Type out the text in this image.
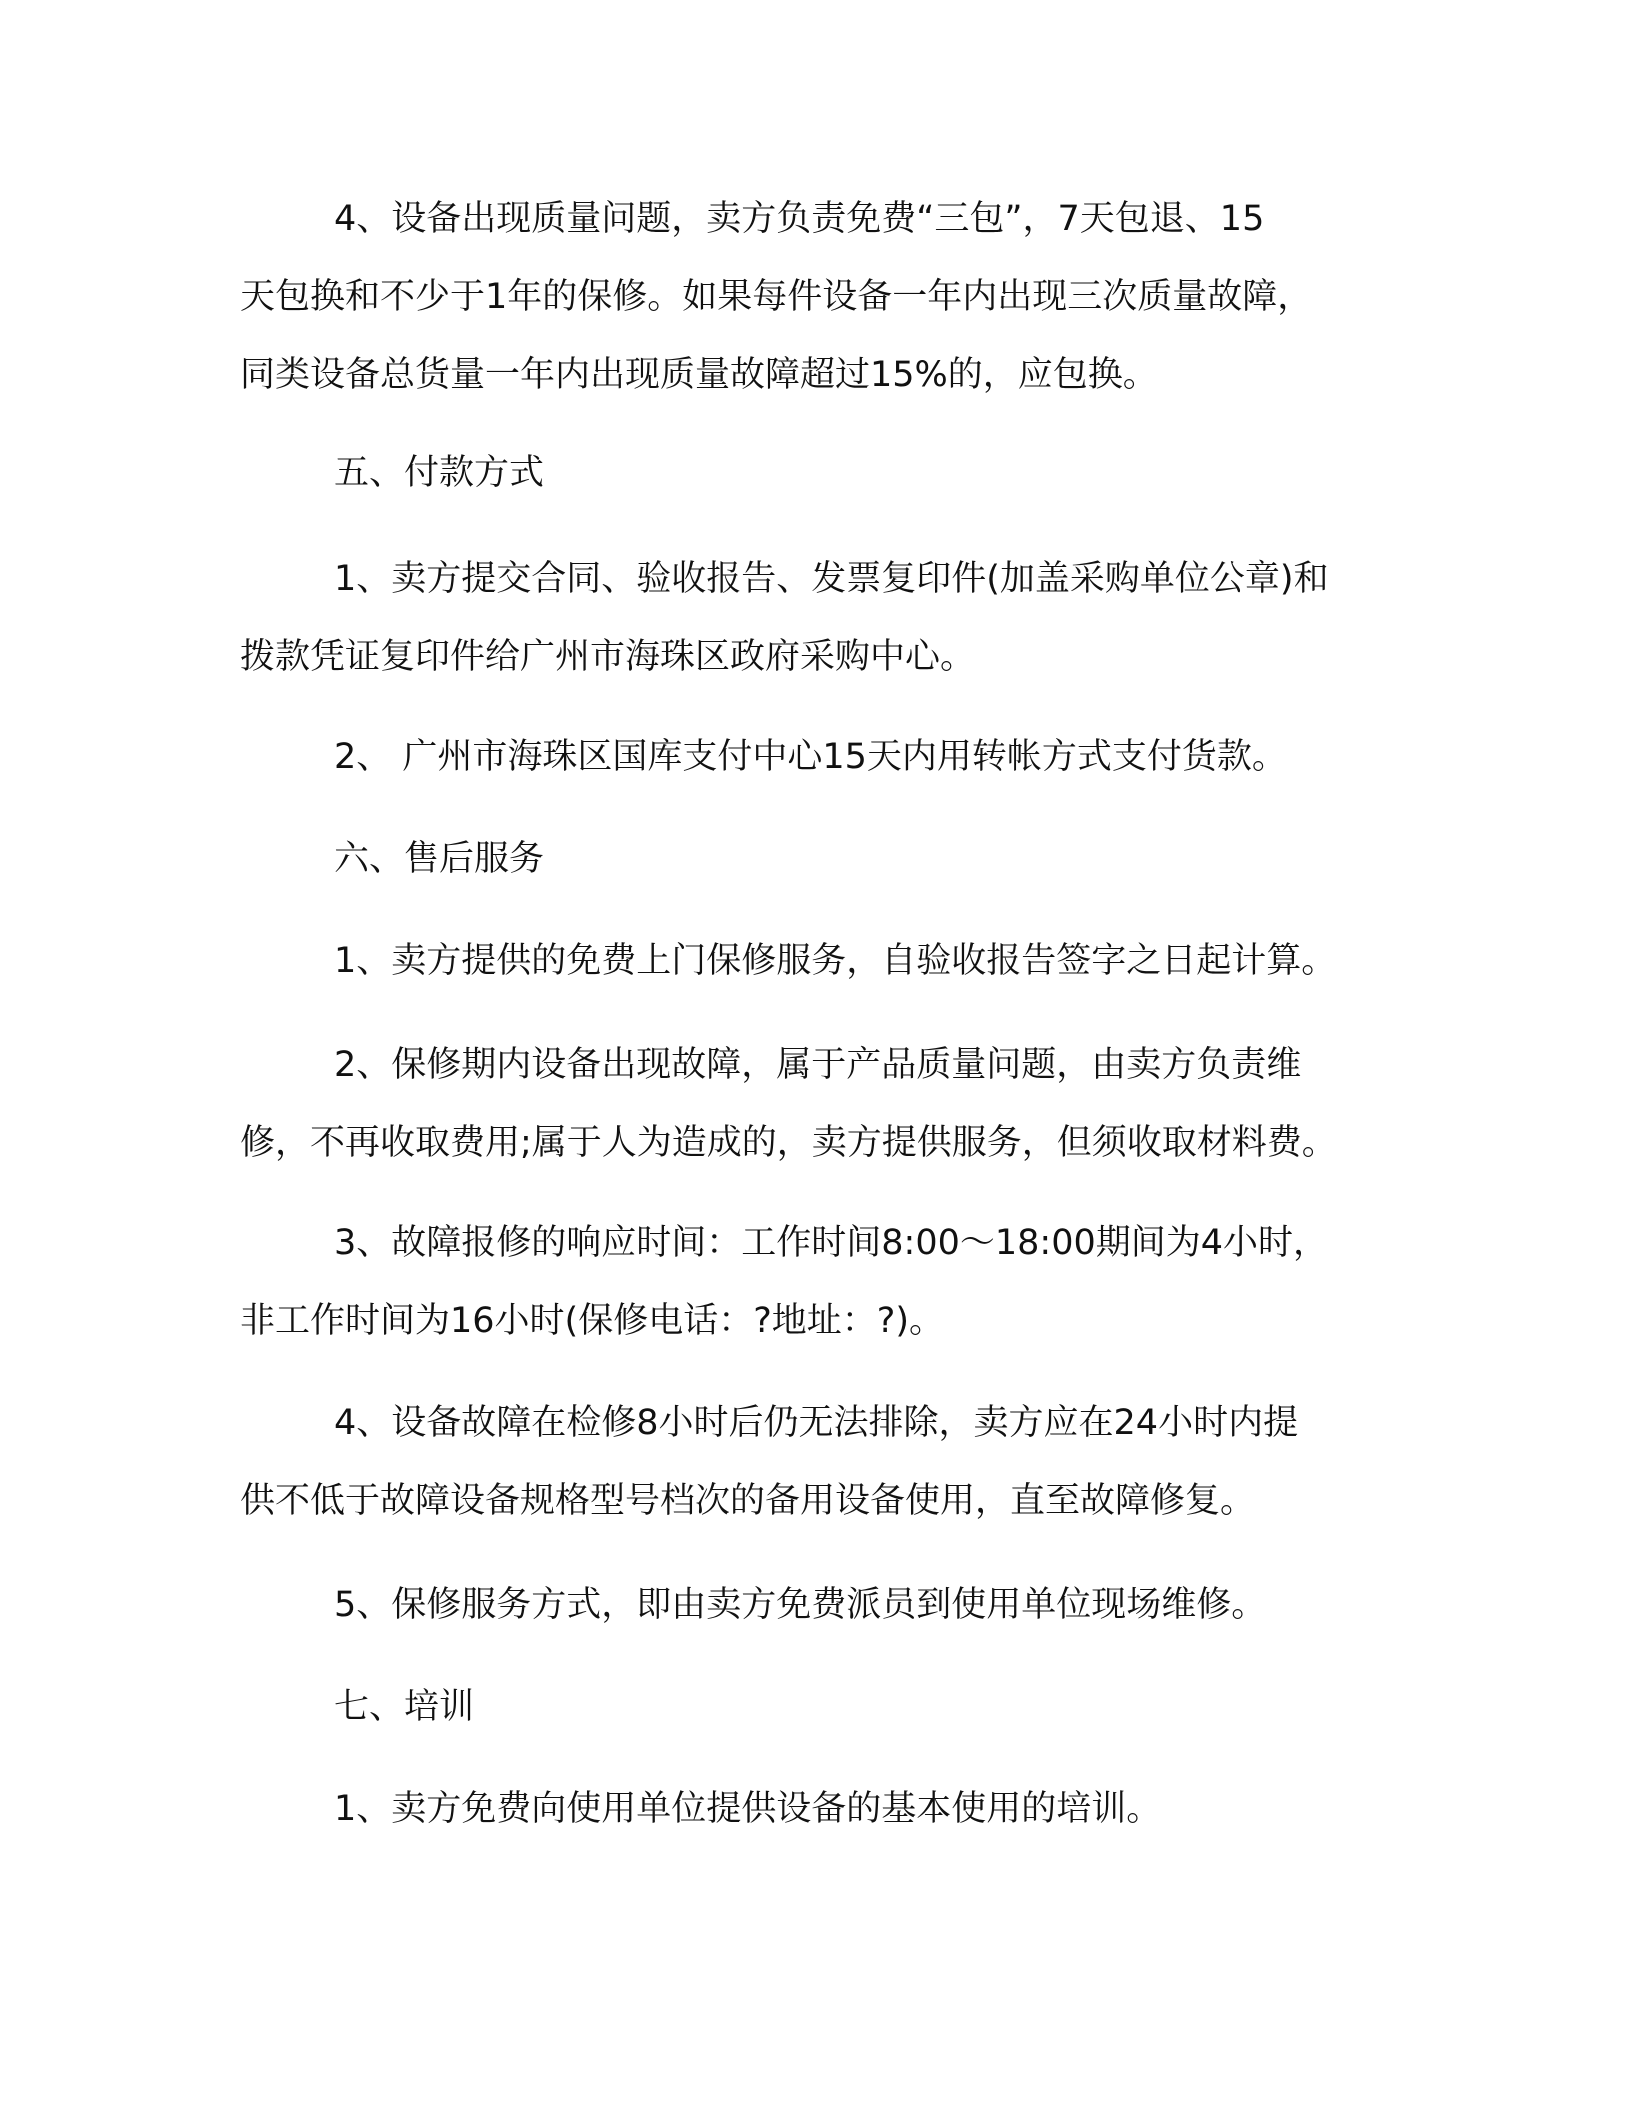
4、设备出现质量问题，卖方负责免费“三包”，7天包退、15
天包换和不少于1年的保修。如果每件设备一年内出现三次质量故障，
同类设备总货量一年内出现质量故障超过15%的，应包换。
五、付款方式
1、卖方提交合同、验收报告、发票复印件(加盖采购单位公章)和
拨款凭证复印件给广州市海珠区政府采购中心。
2、 广州市海珠区国库支付中心15天内用转帐方式支付货款。
六、售后服务
1、卖方提供的免费上门保修服务，自验收报告签字之日起计算。
2、保修期内设备出现故障，属于产品质量问题，由卖方负责维
修，不再收取费用;属于人为造成的，卖方提供服务，但须收取材料费。
3、故障报修的响应时间：工作时间8:00～18:00期间为4小时，
非工作时间为16小时(保修电话：?地址：?)。
4、设备故障在检修8小时后仍无法排除，卖方应在24小时内提
供不低于故障设备规格型号档次的备用设备使用，直至故障修复。
5、保修服务方式，即由卖方免费派员到使用单位现场维修。
七、培训
1、卖方免费向使用单位提供设备的基本使用的培训。
